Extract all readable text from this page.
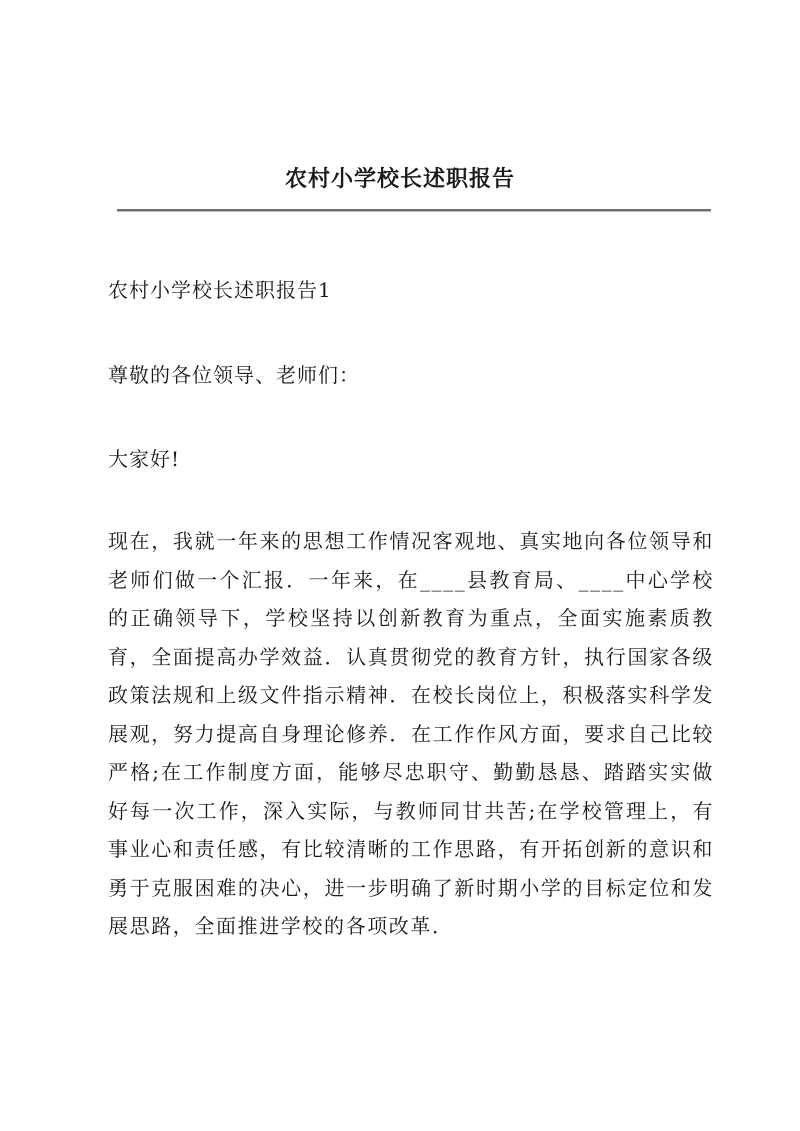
农村小学校长述职报告

农村小学校长述职报告1

尊敬的各位领导、老师们：

大家好!

现在，我就一年来的思想工作情况客观地、真实地向各位领导和老师们做一个汇报．一年来，在____县教育局、____中心学校的正确领导下，学校坚持以创新教育为重点，全面实施素质教育，全面提高办学效益．认真贯彻党的教育方针，执行国家各级政策法规和上级文件指示精神．在校长岗位上，积极落实科学发展观，努力提高自身理论修养．在工作作风方面，要求自己比较严格;在工作制度方面，能够尽忠职守、勤勤恳恳、踏踏实实做好每一次工作，深入实际，与教师同甘共苦;在学校管理上，有事业心和责任感，有比较清晰的工作思路，有开拓创新的意识和勇于克服困难的决心，进一步明确了新时期小学的目标定位和发展思路，全面推进学校的各项改革．
